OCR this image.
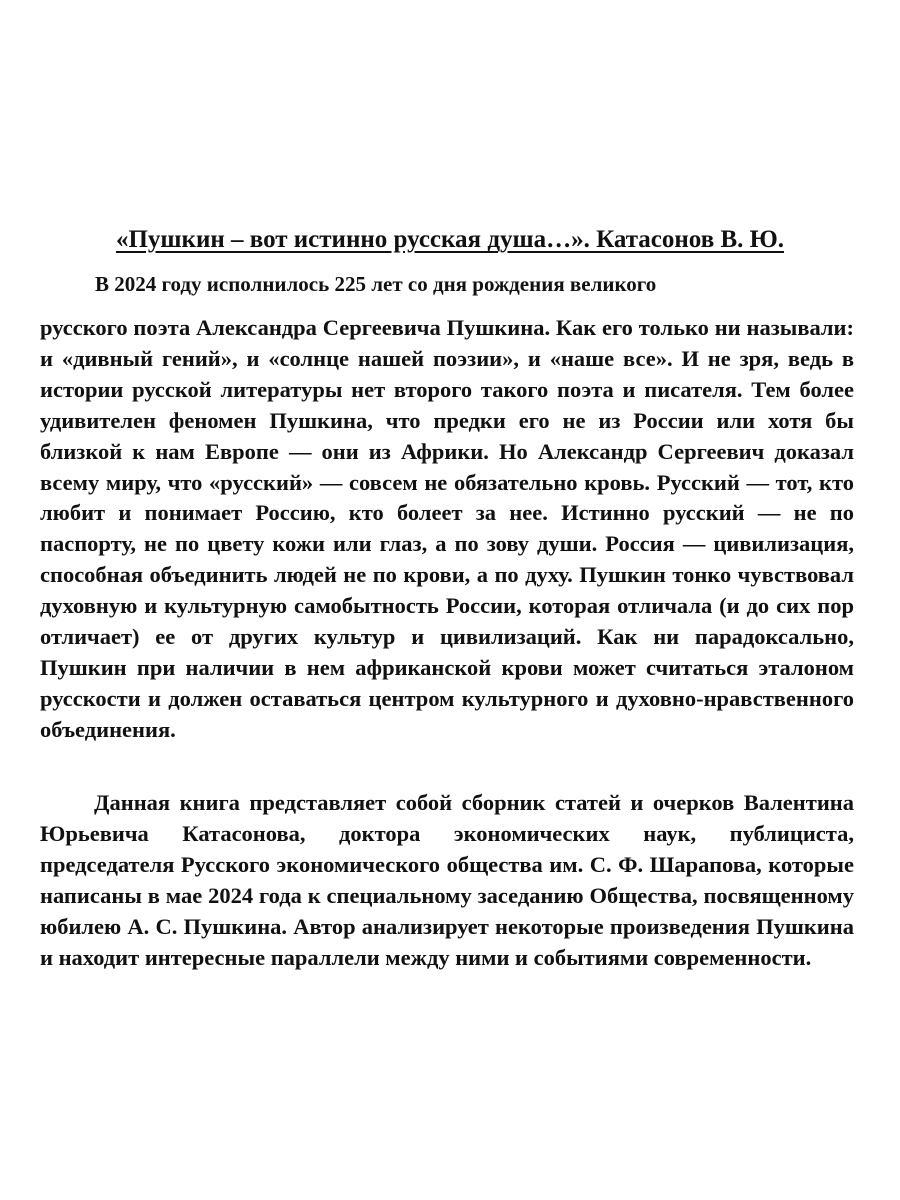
«Пушкин – вот истинно русская душа…». Катасонов В. Ю.

В 2024 году исполнилось 225 лет со дня рождения великого

русского поэта Александра Сергеевича Пушкина. Как его только ни называли: и «дивный гений», и «солнце нашей поэзии», и «наше все». И не зря, ведь в истории русской литературы нет второго такого поэта и писателя. Тем более удивителен феномен Пушкина, что предки его не из России или хотя бы близкой к нам Европе — они из Африки. Но Александр Сергеевич доказал всему миру, что «русский» — совсем не обязательно кровь. Русский — тот, кто любит и понимает Россию, кто болеет за нее. Истинно русский — не по паспорту, не по цвету кожи или глаз, а по зову души. Россия — цивилизация, способная объединить людей не по крови, а по духу. Пушкин тонко чувствовал духовную и культурную самобытность России, которая отличала (и до сих пор отличает) ее от других культур и цивилизаций. Как ни парадоксально, Пушкин при наличии в нем африканской крови может считаться эталоном русскости и должен оставаться центром культурного и духовно-нравственного объединения.

Данная книга представляет собой сборник статей и очерков Валентина Юрьевича Катасонова, доктора экономических наук, публициста, председателя Русского экономического общества им. С. Ф. Шарапова, которые написаны в мае 2024 года к специальному заседанию Общества, посвященному юбилею А. С. Пушкина. Автор анализирует некоторые произведения Пушкина и находит интересные параллели между ними и событиями современности.
